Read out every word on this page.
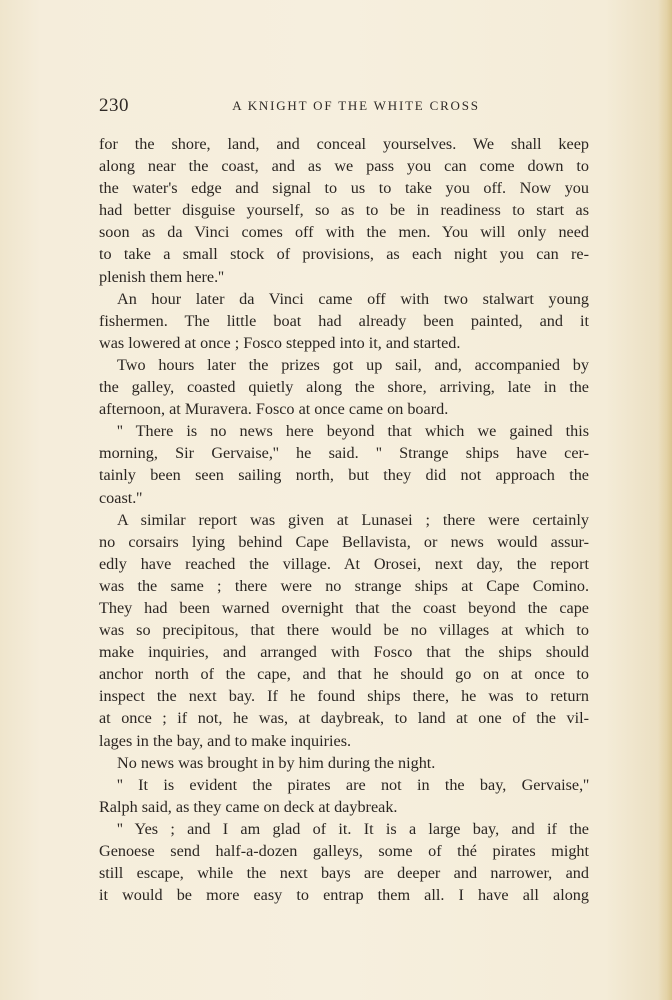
230	A KNIGHT OF THE WHITE CROSS
for the shore, land, and conceal yourselves. We shall keep
along near the coast, and as we pass you can come down to
the water's edge and signal to us to take you off. Now you
had better disguise yourself, so as to be in readiness to start as
soon as da Vinci comes off with the men. You will only need
to take a small stock of provisions, as each night you can re-
plenish them here.''
An hour later da Vinci came off with two stalwart young
fishermen. The little boat had already been painted, and it
was lowered at once ; Fosco stepped into it, and started.
Two hours later the prizes got up sail, and, accompanied by
the galley, coasted quietly along the shore, arriving, late in the
afternoon, at Muravera. Fosco at once came on board.
'' There is no news here beyond that which we gained this
morning, Sir Gervaise,'' he said. '' Strange ships have cer-
tainly been seen sailing north, but they did not approach the
coast.''
A similar report was given at Lunasei ; there were certainly
no corsairs lying behind Cape Bellavista, or news would assur-
edly have reached the village. At Orosei, next day, the report
was the same ; there were no strange ships at Cape Comino.
They had been warned overnight that the coast beyond the cape
was so precipitous, that there would be no villages at which to
make inquiries, and arranged with Fosco that the ships should
anchor north of the cape, and that he should go on at once to
inspect the next bay. If he found ships there, he was to return
at once ; if not, he was, at daybreak, to land at one of the vil-
lages in the bay, and to make inquiries.
No news was brought in by him during the night.
'' It is evident the pirates are not in the bay, Gervaise,''
Ralph said, as they came on deck at daybreak.
'' Yes ; and I am glad of it. It is a large bay, and if the
Genoese send half-a-dozen galleys, some of thé pirates might
still escape, while the next bays are deeper and narrower, and
it would be more easy to entrap them all. I have all along
